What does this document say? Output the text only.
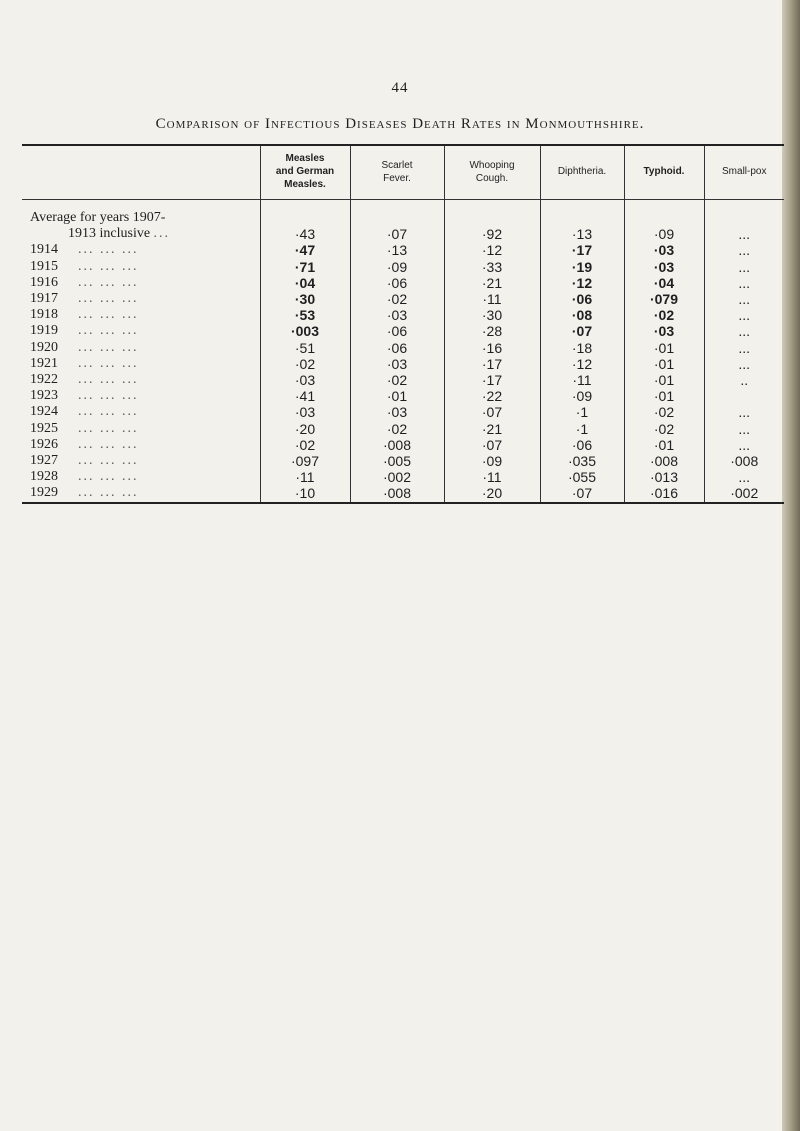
44
Comparison of Infectious Diseases Death Rates in Monmouthshire.
	Measles
and German
Measles.	Scarlet
Fever.	Whooping
Cough.	Diphtheria.	Typhoid.	Small-pox
Average for years 1907-						
1913 inclusive ...	·43	·07	·92	·13	·09	...
1914 ... ... ...	·47	·13	·12	·17	·03	...
1915 ... ... ...	·71	·09	·33	·19	·03	...
1916 ... ... ...	·04	·06	·21	·12	·04	...
1917 ... ... ...	·30	·02	·11	·06	·079	...
1918 ... ... ...	·53	·03	·30	·08	·02	...
1919 ... ... ...	·003	·06	·28	·07	·03	...
1920 ... ... ...	·51	·06	·16	·18	·01	...
1921 ... ... ...	·02	·03	·17	·12	·01	...
1922 ... ... ...	·03	·02	·17	·11	·01	..
1923 ... ... ...	·41	·01	·22	·09	·01	
1924 ... ... ...	·03	·03	·07	·1	·02	...
1925 ... ... ...	·20	·02	·21	·1	·02	...
1926 ... ... ...	·02	·008	·07	·06	·01	...
1927 ... ... ...	·097	·005	·09	·035	·008	·008
1928 ... ... ...	·11	·002	·11	·055	·013	...
1929 ... ... ...	·10	·008	·20	·07	·016	·002
